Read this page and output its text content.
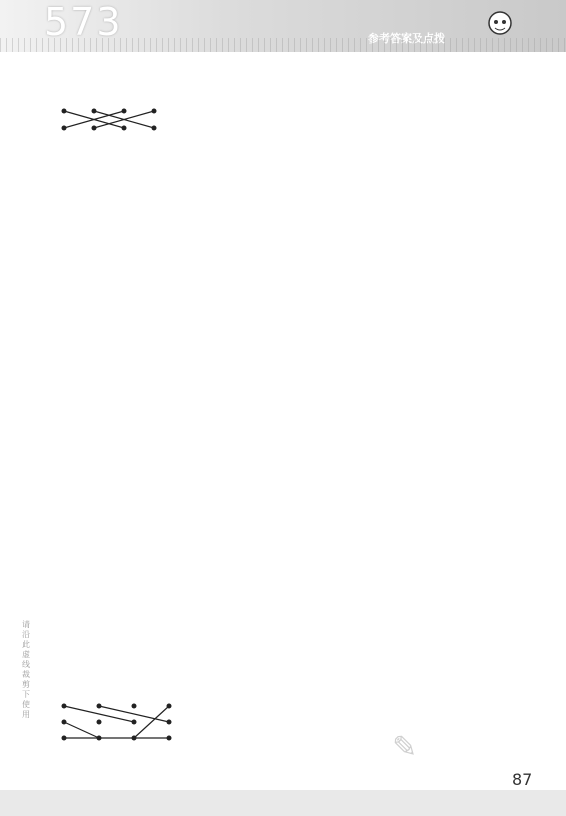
573	参考答案及点拨
请沿此虚线裁剪下使用
✎
87
